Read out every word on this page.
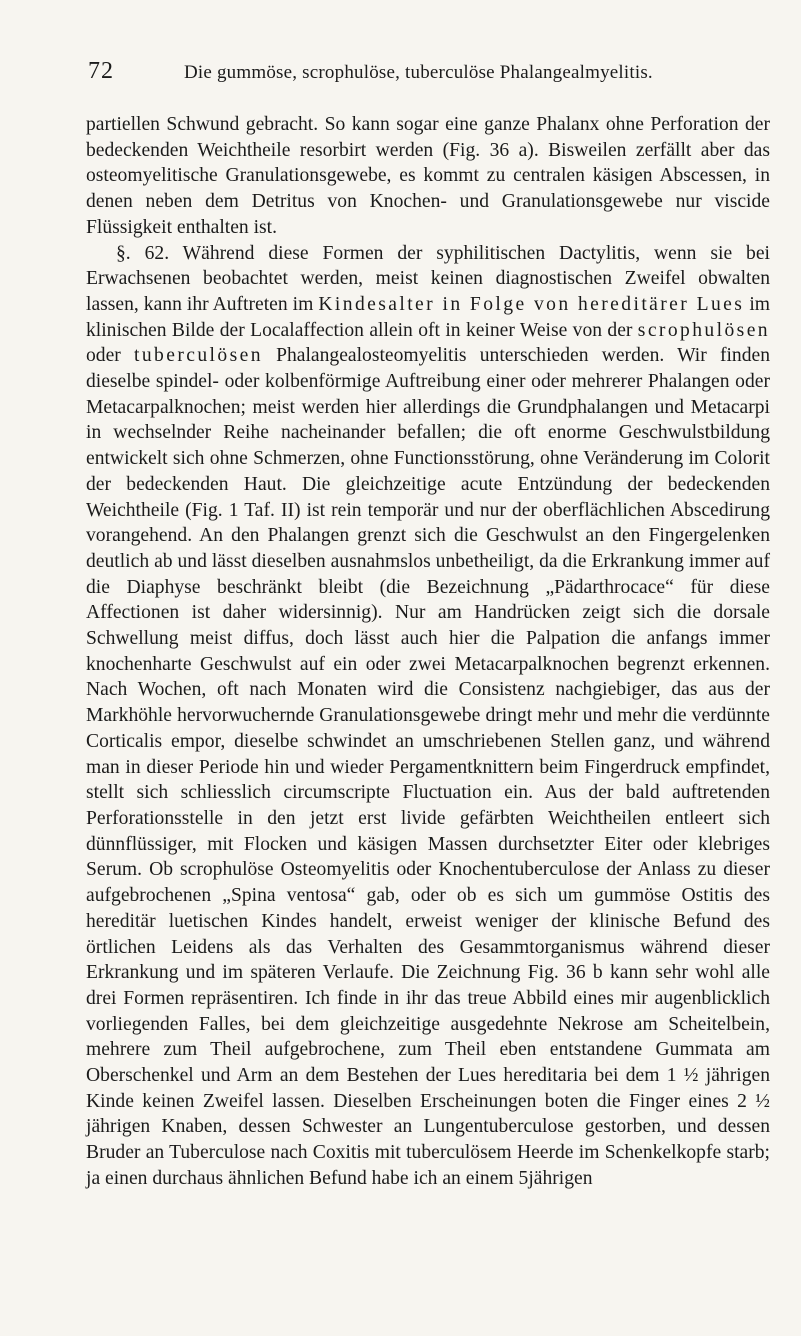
72	Die gummöse, scrophulöse, tuberculöse Phalangealmyelitis.

partiellen Schwund gebracht. So kann sogar eine ganze Phalanx ohne Perforation der bedeckenden Weichtheile resorbirt werden (Fig. 36 a). Bisweilen zerfällt aber das osteomyelitische Granulationsgewebe, es kommt zu centralen käsigen Abscessen, in denen neben dem Detritus von Knochen- und Granulationsgewebe nur viscide Flüssigkeit enthalten ist.

§. 62. Während diese Formen der syphilitischen Dactylitis, wenn sie bei Erwachsenen beobachtet werden, meist keinen diagnostischen Zweifel obwalten lassen, kann ihr Auftreten im Kindesalter in Folge von hereditärer Lues im klinischen Bilde der Localaffection allein oft in keiner Weise von der scrophulösen oder tuberculösen Phalangealosteomyelitis unterschieden werden. Wir finden dieselbe spindel- oder kolbenförmige Auftreibung einer oder mehrerer Phalangen oder Metacarpalknochen; meist werden hier allerdings die Grundphalangen und Metacarpi in wechselnder Reihe nacheinander befallen; die oft enorme Geschwulstbildung entwickelt sich ohne Schmerzen, ohne Functionsstörung, ohne Veränderung im Colorit der bedeckenden Haut. Die gleichzeitige acute Entzündung der bedeckenden Weichtheile (Fig. 1 Taf. II) ist rein temporär und nur der oberflächlichen Abscedirung vorangehend. An den Phalangen grenzt sich die Geschwulst an den Fingergelenken deutlich ab und lässt dieselben ausnahmslos unbetheiligt, da die Erkrankung immer auf die Diaphyse beschränkt bleibt (die Bezeichnung „Pädarthrocace“ für diese Affectionen ist daher widersinnig). Nur am Handrücken zeigt sich die dorsale Schwellung meist diffus, doch lässt auch hier die Palpation die anfangs immer knochenharte Geschwulst auf ein oder zwei Metacarpalknochen begrenzt erkennen. Nach Wochen, oft nach Monaten wird die Consistenz nachgiebiger, das aus der Markhöhle hervorwuchernde Granulationsgewebe dringt mehr und mehr die verdünnte Corticalis empor, dieselbe schwindet an umschriebenen Stellen ganz, und während man in dieser Periode hin und wieder Pergamentknittern beim Fingerdruck empfindet, stellt sich schliesslich circumscripte Fluctuation ein. Aus der bald auftretenden Perforationsstelle in den jetzt erst livide gefärbten Weichtheilen entleert sich dünnflüssiger, mit Flocken und käsigen Massen durchsetzter Eiter oder klebriges Serum. Ob scrophulöse Osteomyelitis oder Knochentuberculose der Anlass zu dieser aufgebrochenen „Spina ventosa“ gab, oder ob es sich um gummöse Ostitis des hereditär luetischen Kindes handelt, erweist weniger der klinische Befund des örtlichen Leidens als das Verhalten des Gesammtorganismus während dieser Erkrankung und im späteren Verlaufe. Die Zeichnung Fig. 36 b kann sehr wohl alle drei Formen repräsentiren. Ich finde in ihr das treue Abbild eines mir augenblicklich vorliegenden Falles, bei dem gleichzeitige ausgedehnte Nekrose am Scheitelbein, mehrere zum Theil aufgebrochene, zum Theil eben entstandene Gummata am Oberschenkel und Arm an dem Bestehen der Lues hereditaria bei dem 1 ½ jährigen Kinde keinen Zweifel lassen. Dieselben Erscheinungen boten die Finger eines 2 ½ jährigen Knaben, dessen Schwester an Lungentuberculose gestorben, und dessen Bruder an Tuberculose nach Coxitis mit tuberculösem Heerde im Schenkelkopfe starb; ja einen durchaus ähnlichen Befund habe ich an einem 5jährigen
